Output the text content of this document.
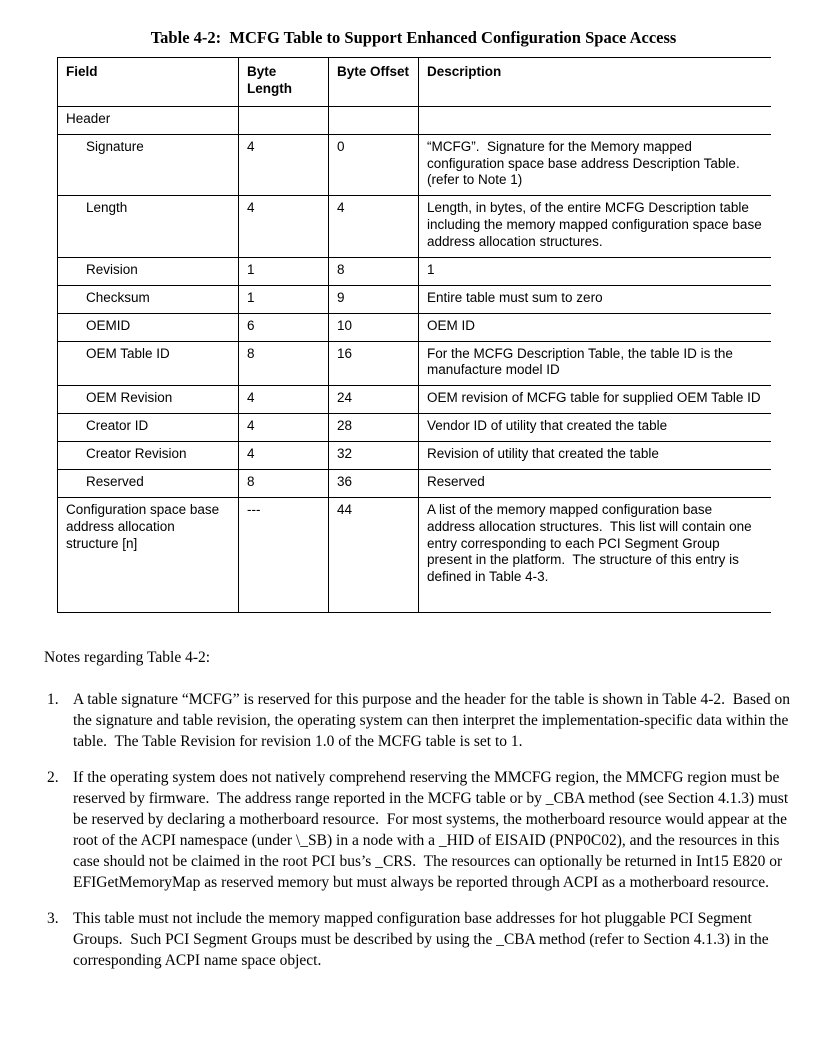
Table 4-2:  MCFG Table to Support Enhanced Configuration Space Access
Field	Byte Length	Byte Offset	Description
Header			
Signature	4	0	“MCFG”.  Signature for the Memory mapped configuration space base address Description Table.  (refer to Note 1)
Length	4	4	Length, in bytes, of the entire MCFG Description table including the memory mapped configuration space base address allocation structures.
Revision	1	8	1
Checksum	1	9	Entire table must sum to zero
OEMID	6	10	OEM ID
OEM Table ID	8	16	For the MCFG Description Table, the table ID is the manufacture model ID
OEM Revision	4	24	OEM revision of MCFG table for supplied OEM Table ID
Creator ID	4	28	Vendor ID of utility that created the table
Creator Revision	4	32	Revision of utility that created the table
Reserved	8	36	Reserved
Configuration space base address allocation structure [n]	---	44	A list of the memory mapped configuration base address allocation structures.  This list will contain one entry corresponding to each PCI Segment Group present in the platform.  The structure of this entry is defined in Table 4-3.

Notes regarding Table 4-2:

1. A table signature “MCFG” is reserved for this purpose and the header for the table is shown in Table 4-2.  Based on the signature and table revision, the operating system can then interpret the implementation-specific data within the table.  The Table Revision for revision 1.0 of the MCFG table is set to 1.
2. If the operating system does not natively comprehend reserving the MMCFG region, the MMCFG region must be reserved by firmware.  The address range reported in the MCFG table or by _CBA method (see Section 4.1.3) must be reserved by declaring a motherboard resource.  For most systems, the motherboard resource would appear at the root of the ACPI namespace (under \_SB) in a node with a _HID of EISAID (PNP0C02), and the resources in this case should not be claimed in the root PCI bus’s _CRS.  The resources can optionally be returned in Int15 E820 or EFIGetMemoryMap as reserved memory but must always be reported through ACPI as a motherboard resource.
3. This table must not include the memory mapped configuration base addresses for hot pluggable PCI Segment Groups.  Such PCI Segment Groups must be described by using the _CBA method (refer to Section 4.1.3) in the corresponding ACPI name space object.
